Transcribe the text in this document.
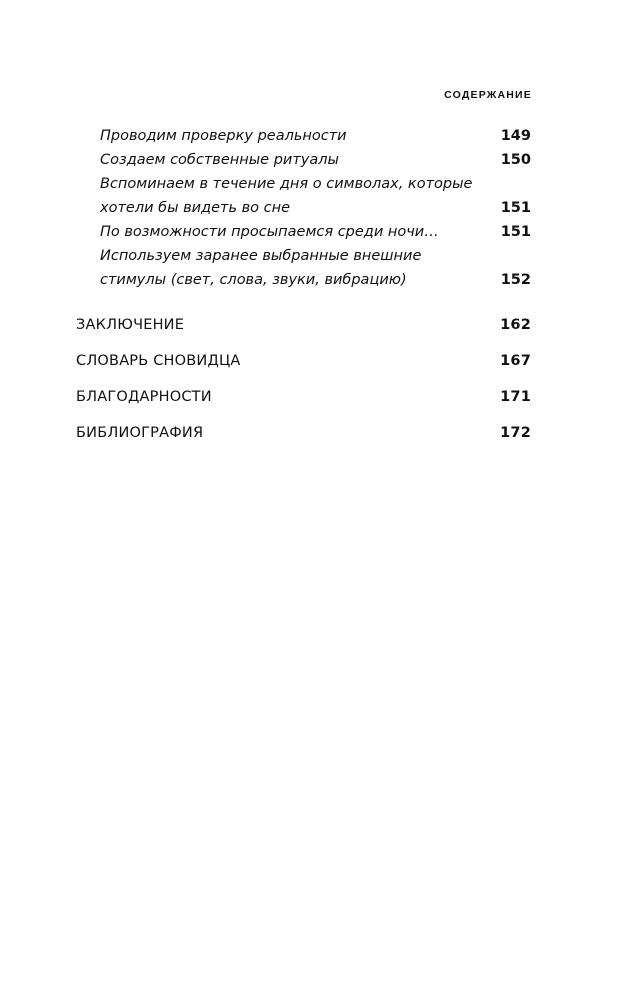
СОДЕРЖАНИЕ
Проводим проверку реальности	149
Создаем собственные ритуалы	150
Вспоминаем в течение дня о символах, которые хотели бы видеть во сне	151
По возможности просыпаемся среди ночи…	151
Используем заранее выбранные внешние стимулы (свет, слова, звуки, вибрацию)	152
ЗАКЛЮЧЕНИЕ	162
СЛОВАРЬ СНОВИДЦА	167
БЛАГОДАРНОСТИ	171
БИБЛИОГРАФИЯ	172
